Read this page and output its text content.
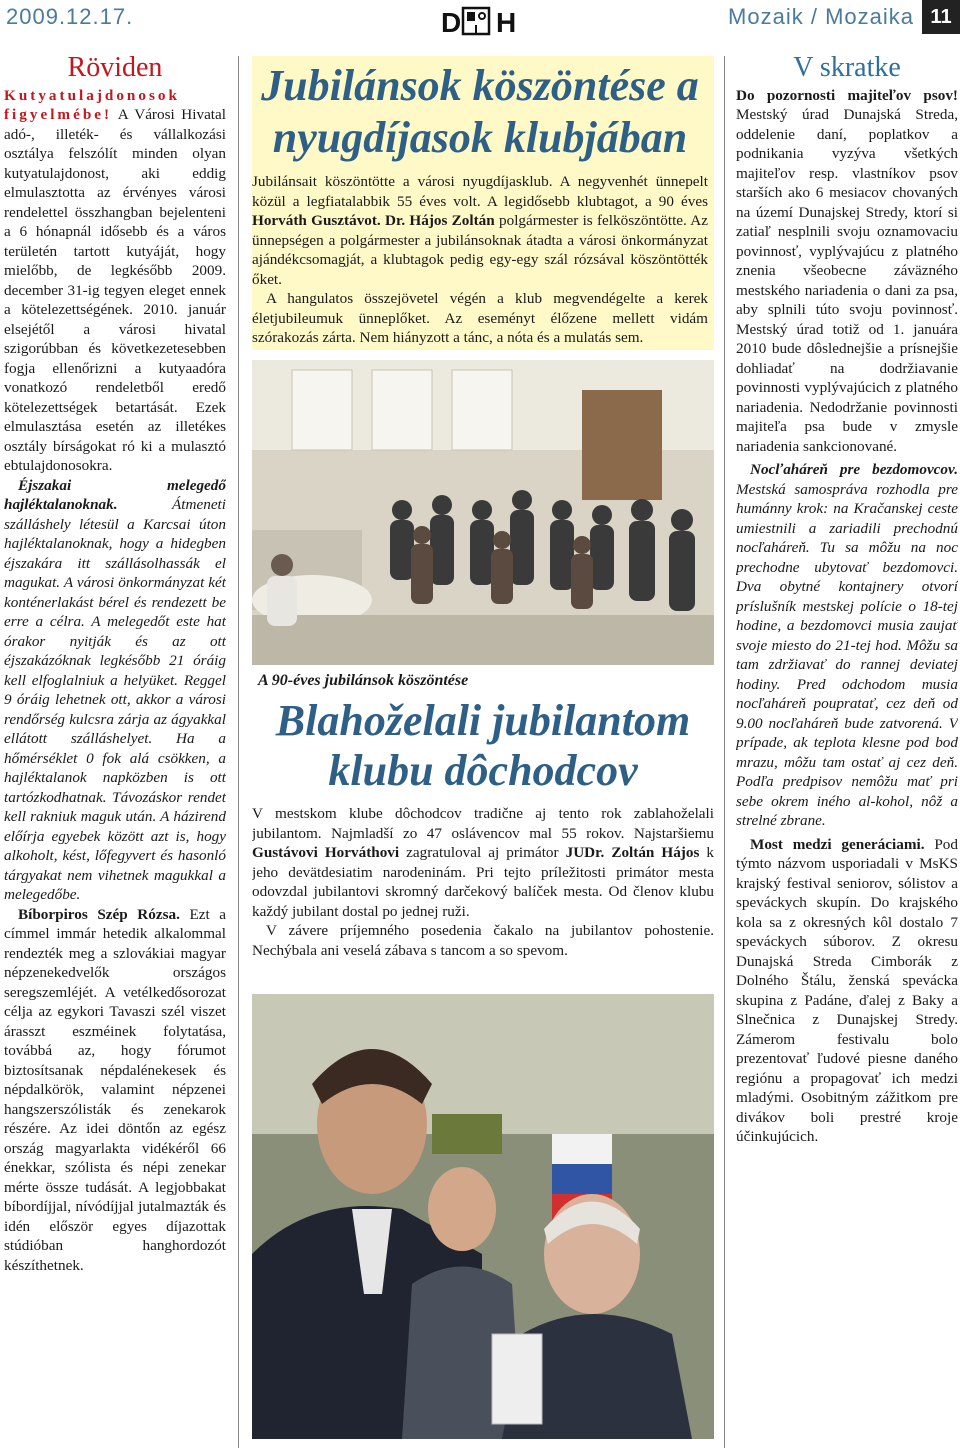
2009.12.17.	D H	Mozaik / Mozaika 11
Röviden

Kutyatulajdonosok figyelmébe! A Városi Hivatal adó-, illeték- és vállalkozási osztálya felszólít minden olyan kutyatulajdonost, aki eddig elmulasztotta az érvényes városi rendelettel összhangban bejelenteni a 6 hónapnál idősebb és a város területén tartott kutyáját, hogy mielőbb, de legkésőbb 2009. december 31-ig tegyen eleget ennek a kötelezettségének. 2010. január elsejétől a városi hivatal szigorúbban és következetesebben fogja ellenőrizni a kutyaadóra vonatkozó rendeletből eredő kötelezettségek betartását. Ezek elmulasztása esetén az illetékes osztály bírságokat ró ki a mulasztó ebtulajdonosokra.

Éjszakai melegedő hajléktalanoknak. Átmeneti szálláshely létesül a Karcsai úton hajléktalanoknak, hogy a hidegben éjszakára itt szállásolhassák el magukat. A városi önkormányzat két konténerlakást bérel és rendezett be erre a célra. A melegedőt este hat órakor nyitják és az ott éjszakázóknak legkésőbb 21 óráig kell elfoglalniuk a helyüket. Reggel 9 óráig lehetnek ott, akkor a városi rendőrség kulcsra zárja az ágyakkal ellátott szálláshelyet. Ha a hőmérséklet 0 fok alá csökken, a hajléktalanok napközben is ott tartózkodhatnak. Távozáskor rendet kell rakniuk maguk után. A házirend előírja egyebek között azt is, hogy alkoholt, kést, lőfegyvert és hasonló tárgyakat nem vihetnek magukkal a melegedőbe.

Bíborpiros Szép Rózsa. Ezt a címmel immár hetedik alkalommal rendezték meg a szlovákiai magyar népzenekedvelők országos seregszemléjét. A vetélkedősorozat célja az egykori Tavaszi szél viszet árasszt eszméinek folytatása, továbbá az, hogy fórumot biztosítsanak népdalénekesek és népdalkörök, valamint népzenei hangszerszólisták és zenekarok részére. Az idei döntőn az egész ország magyarlakta vidékéről 66 énekkar, szólista és népi zenekar mérte össze tudását. A legjobbakat bíbordíjjal, nívódíjjal jutalmazták és idén először egyes díjazottak stúdióban hanghordozót készíthetnek.

Jubilánsok köszöntése a nyugdíjasok klubjában

Jubilánsait köszöntötte a városi nyugdíjasklub. A negyvenhét ünnepelt közül a legfiatalabbik 55 éves volt. A legidősebb klubtagot, a 90 éves Horváth Gusztávot. Dr. Hájos Zoltán polgármester is felköszöntötte. Az ünnepségen a polgármester a jubilánsoknak átadta a városi önkormányzat ajándékcsomagját, a klubtagok pedig egy-egy szál rózsával köszöntötték őket.

A hangulatos összejövetel végén a klub megvendégelte a kerek életjubileumuk ünneplőket. Az eseményt élőzene mellett vidám szórakozás zárta. Nem hiányzott a tánc, a nóta és a mulatás sem.

A 90-éves jubilánsok köszöntése
Blahoželali jubilantom klubu dôchodcov

V mestskom klube dôchodcov tradične aj tento rok zablahoželali jubilantom. Najmladší zo 47 oslávencov mal 55 rokov. Najstaršiemu Gustávovi Horváthovi zagratuloval aj primátor JUDr. Zoltán Hájos k jeho devätdesiatim narodeninám. Pri tejto príležitosti primátor mesta odovzdal jubilantovi skromný darčekový balíček mesta. Od členov klubu každý jubilant dostal po jednej ruži.

V závere príjemného posedenia čakalo na jubilantov pohostenie. Nechýbala ani veselá zábava s tancom a so spevom.

V skratke

Do pozornosti majiteľov psov! Mestský úrad Dunajská Streda, oddelenie daní, poplatkov a podnikania vyzýva všetkých majiteľov resp. vlastníkov psov starších ako 6 mesiacov chovaných na území Dunajskej Stredy, ktorí si zatiaľ nesplnili svoju oznamovaciu povinnosť, vyplývajúcu z platného znenia všeobecne záväzného mestského nariadenia o dani za psa, aby splnili túto svoju povinnosť. Mestský úrad totiž od 1. januára 2010 bude dôslednejšie a prísnejšie dohliadať na dodržiavanie povinnosti vyplývajúcich z platného nariadenia. Nedodržanie povinnosti majiteľa psa bude v zmysle nariadenia sankcionované.

Nocľaháreň pre bezdomovcov. Mestská samospráva rozhodla pre humánny krok: na Kračanskej ceste umiestnili a zariadili prechodnú nocľaháreň. Tu sa môžu na noc prechodne ubytovať bezdomovci. Dva obytné kontajnery otvorí príslušník mestskej polície o 18-tej hodine, a bezdomovci musia zaujať svoje miesto do 21-tej hod. Môžu sa tam zdržiavať do rannej deviatej hodiny. Pred odchodom musia nocľaháreň poupratať, cez deň od 9.00 nocľaháreň bude zatvorená. V prípade, ak teplota klesne pod bod mrazu, môžu tam ostať aj cez deň. Podľa predpisov nemôžu mať pri sebe okrem iného al-kohol, nôž a strelné zbrane.

Most medzi generáciami. Pod týmto názvom usporiadali v MsKS krajský festival seniorov, sólistov a speváckych skupín. Do krajského kola sa z okresných kôl dostalo 7 speváckych súborov. Z okresu Dunajská Streda Cimborák z Dolného Štálu, ženská spevácka skupina z Padáne, ďalej z Baky a Slnečnica z Dunajskej Stredy. Zámerom festivalu bolo prezentovať ľudové piesne daného regiónu a propagovať ich medzi mladými. Osobitným zážitkom pre divákov boli prestré kroje účinkujúcich.
